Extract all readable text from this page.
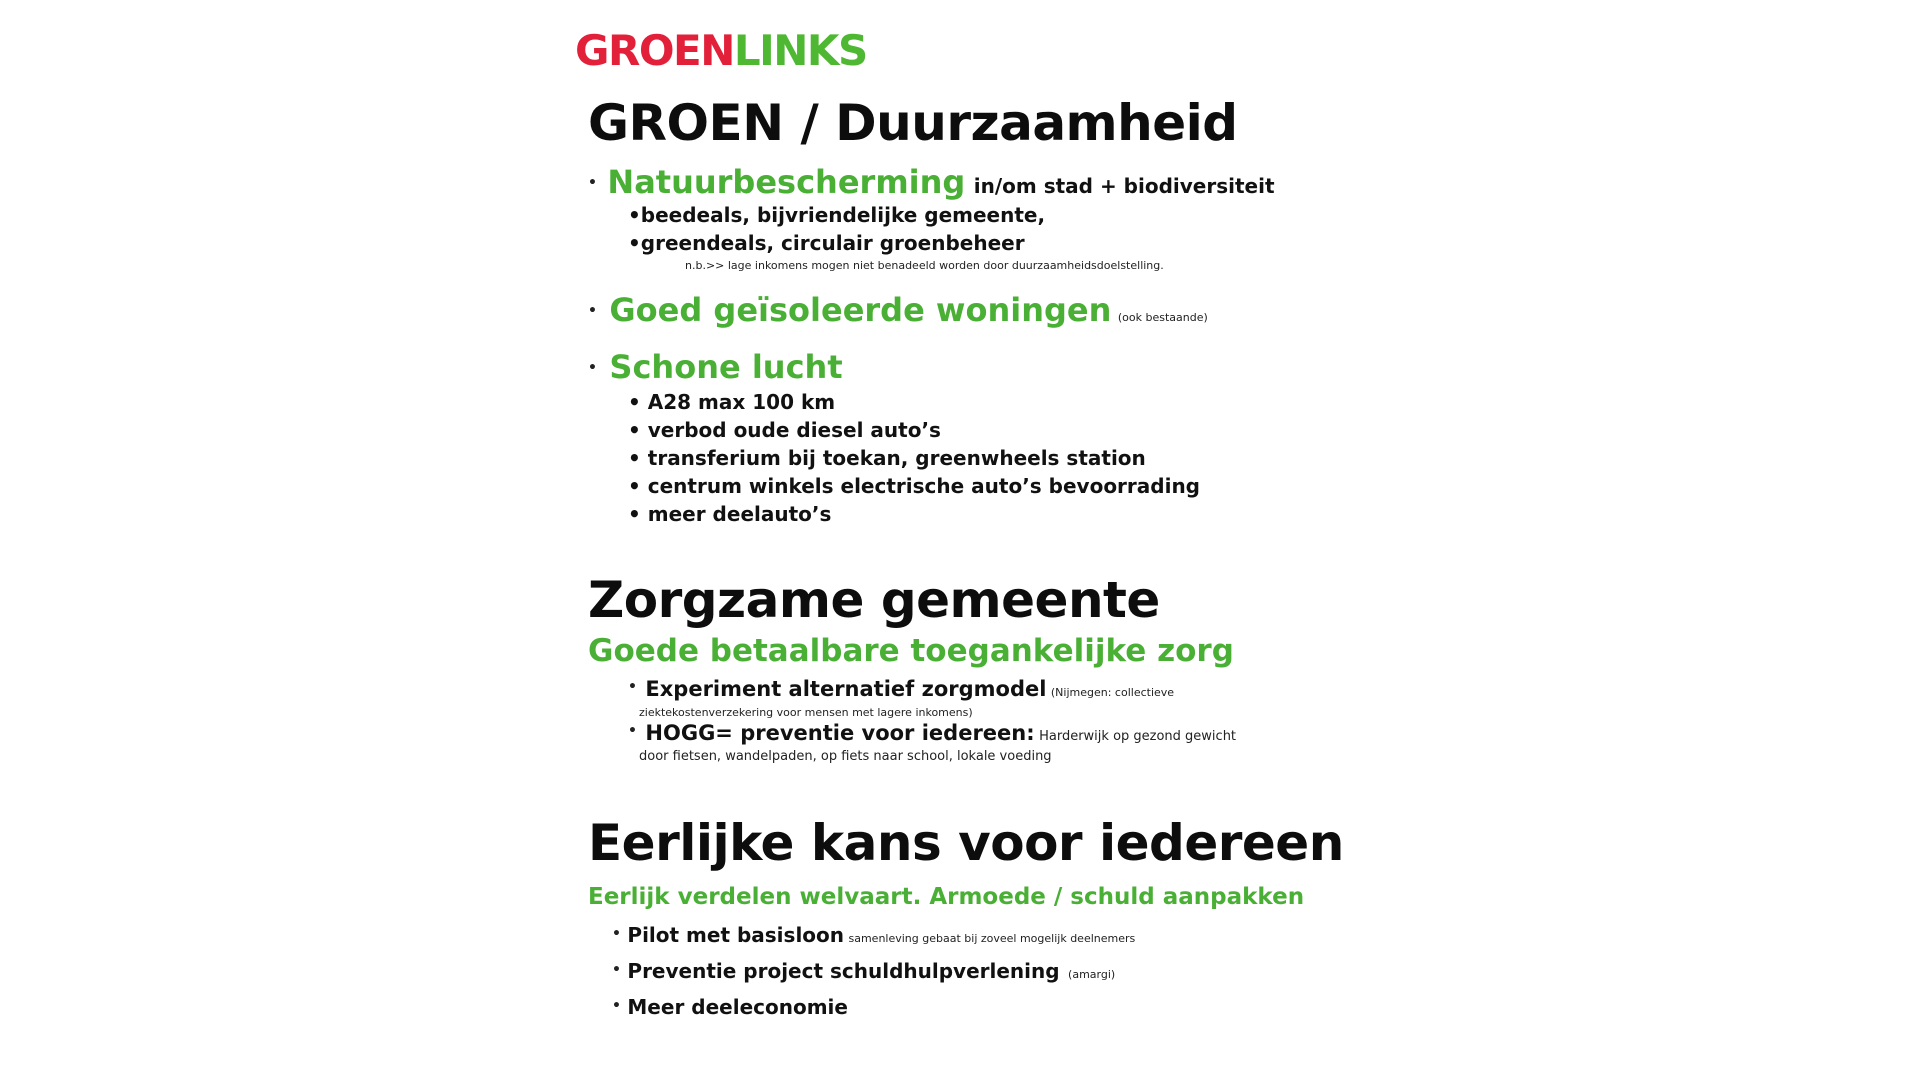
GROENLINKS
GROEN / Duurzaamheid
• Natuurbescherming in/om stad + biodiversiteit
•beedeals, bijvriendelijke gemeente,
•greendeals, circulair groenbeheer
n.b.>> lage inkomens mogen niet benadeeld worden door duurzaamheidsdoelstelling.
• Goed geïsoleerde woningen (ook bestaande)
• Schone lucht
• A28 max 100 km
• verbod oude diesel auto’s
• transferium bij toekan, greenwheels station
• centrum winkels electrische auto’s bevoorrading
• meer deelauto’s
Zorgzame gemeente
Goede betaalbare toegankelijke zorg
• Experiment alternatief zorgmodel (Nijmegen: collectieve
ziektekostenverzekering voor mensen met lagere inkomens)
• HOGG= preventie voor iedereen: Harderwijk op gezond gewicht
door fietsen, wandelpaden, op fiets naar school, lokale voeding
Eerlijke kans voor iedereen
Eerlijk verdelen welvaart. Armoede / schuld aanpakken
• Pilot met basisloon samenleving gebaat bij zoveel mogelijk deelnemers
• Preventie project schuldhulpverlening (amargi)
• Meer deeleconomie
